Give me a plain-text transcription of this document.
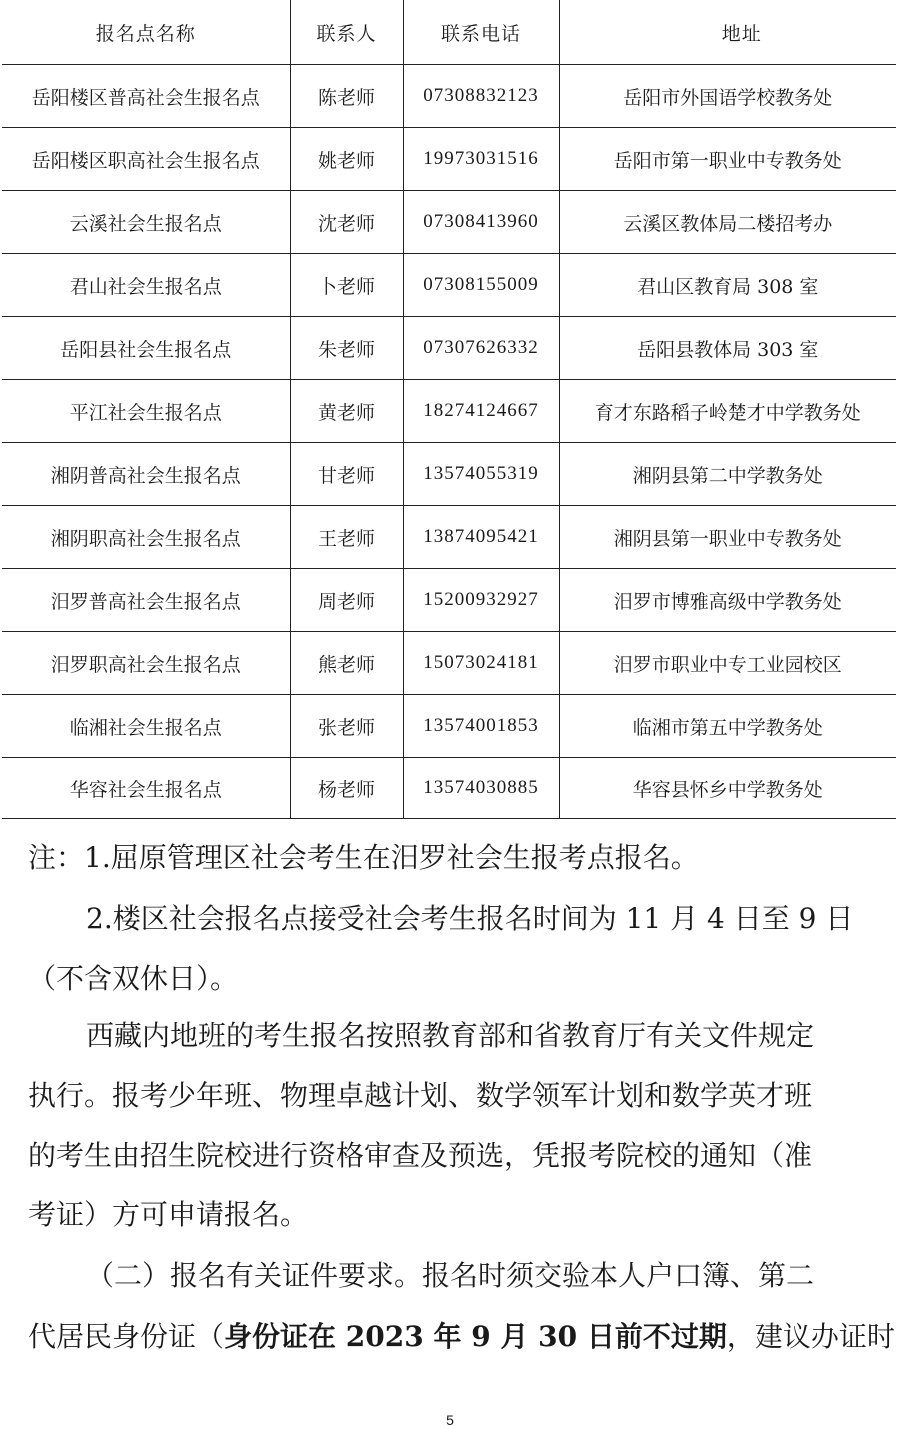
报名点名称	联系人	联系电话	地址
岳阳楼区普高社会生报名点	陈老师	07308832123	岳阳市外国语学校教务处
岳阳楼区职高社会生报名点	姚老师	19973031516	岳阳市第一职业中专教务处
云溪社会生报名点	沈老师	07308413960	云溪区教体局二楼招考办
君山社会生报名点	卜老师	07308155009	君山区教育局 308 室
岳阳县社会生报名点	朱老师	07307626332	岳阳县教体局 303 室
平江社会生报名点	黄老师	18274124667	育才东路稻子岭楚才中学教务处
湘阴普高社会生报名点	甘老师	13574055319	湘阴县第二中学教务处
湘阴职高社会生报名点	王老师	13874095421	湘阴县第一职业中专教务处
汨罗普高社会生报名点	周老师	15200932927	汨罗市博雅高级中学教务处
汨罗职高社会生报名点	熊老师	15073024181	汨罗市职业中专工业园校区
临湘社会生报名点	张老师	13574001853	临湘市第五中学教务处
华容社会生报名点	杨老师	13574030885	华容县怀乡中学教务处
注：1.屈原管理区社会考生在汨罗社会生报考点报名。
2.楼区社会报名点接受社会考生报名时间为 11 月 4 日至 9 日
（不含双休日）。
西藏内地班的考生报名按照教育部和省教育厅有关文件规定
执行。报考少年班、物理卓越计划、数学领军计划和数学英才班
的考生由招生院校进行资格审查及预选，凭报考院校的通知（准
考证）方可申请报名。
（二）报名有关证件要求。报名时须交验本人户口簿、第二
代居民身份证（身份证在 2023 年 9 月 30 日前不过期，建议办证时
5
